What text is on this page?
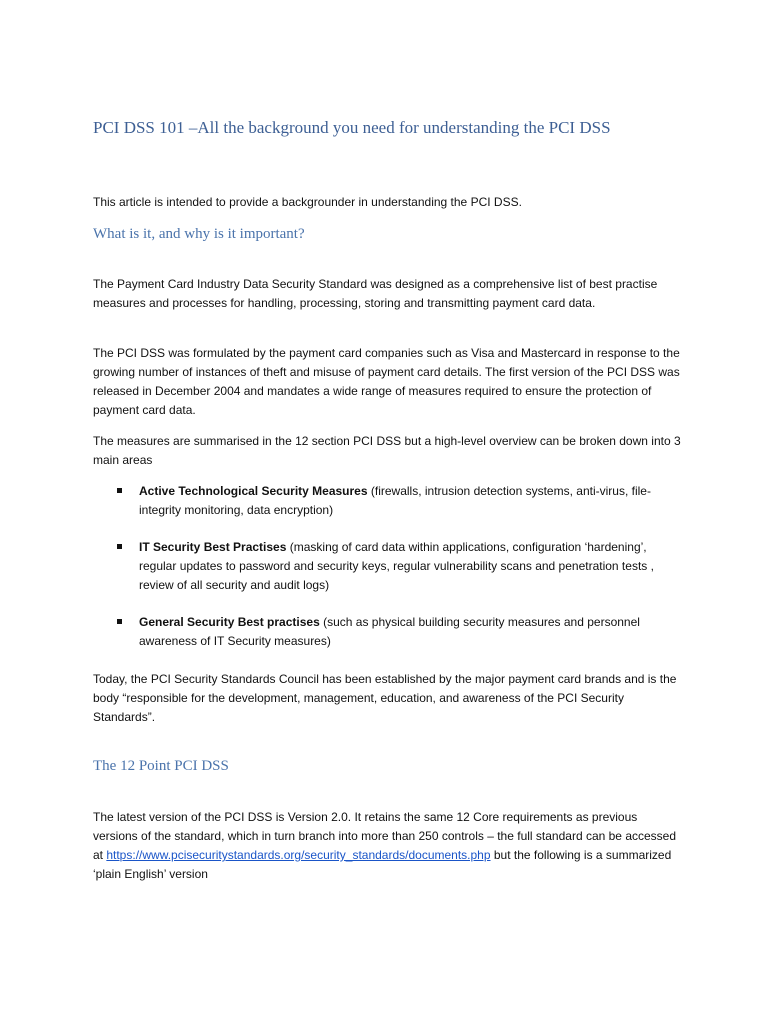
PCI DSS 101 –All the background you need for understanding the PCI DSS

This article is intended to provide a backgrounder in understanding the PCI DSS.

What is it, and why is it important?

The Payment Card Industry Data Security Standard was designed as a comprehensive list of best practise measures and processes for handling, processing, storing and transmitting payment card data.

The PCI DSS was formulated by the payment card companies such as Visa and Mastercard in response to the growing number of instances of theft and misuse of payment card details. The first version of the PCI DSS was released in December 2004 and mandates a wide range of measures required to ensure the protection of payment card data.

The measures are summarised in the 12 section PCI DSS but a high-level overview can be broken down into 3 main areas

Active Technological Security Measures (firewalls, intrusion detection systems, anti-virus, file-integrity monitoring, data encryption)
IT Security Best Practises (masking of card data within applications, configuration ‘hardening’, regular updates to password and security keys, regular vulnerability scans and penetration tests , review of all security and audit logs)
General Security Best practises (such as physical building security measures and personnel awareness of IT Security measures)

Today, the PCI Security Standards Council has been established by the major payment card brands and is the body “responsible for the development, management, education, and awareness of the PCI Security Standards”.

The 12 Point PCI DSS

The latest version of the PCI DSS is Version 2.0. It retains the same 12 Core requirements as previous versions of the standard, which in turn branch into more than 250 controls – the full standard can be accessed at https://www.pcisecuritystandards.org/security_standards/documents.php but the following is a summarized ‘plain English’ version
